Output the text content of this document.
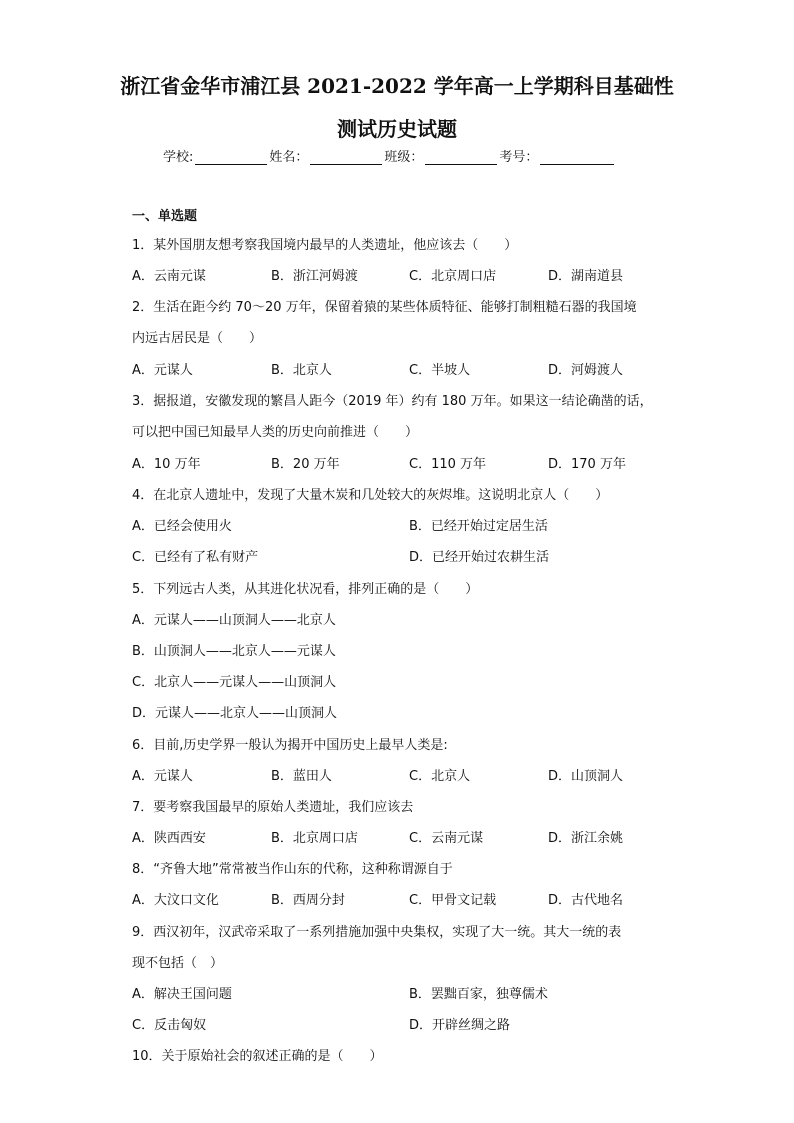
浙江省金华市浦江县 2021-2022 学年高一上学期科目基础性
测试历史试题
学校:	姓名：	班级：	考号：
一、单选题
1．某外国朋友想考察我国境内最早的人类遗址，他应该去（　　）
A．云南元谋	B．浙江河姆渡	C．北京周口店	D．湖南道县
2．生活在距今约 70～20 万年，保留着猿的某些体质特征、能够打制粗糙石器的我国境
内远古居民是（　　）
A．元谋人	B．北京人	C．半坡人	D．河姆渡人
3．据报道，安徽发现的繁昌人距今（2019 年）约有 180 万年。如果这一结论确凿的话，
可以把中国已知最早人类的历史向前推进（　　）
A．10 万年	B．20 万年	C．110 万年	D．170 万年
4．在北京人遗址中，发现了大量木炭和几处较大的灰烬堆。这说明北京人（　　）
A．已经会使用火	B．已经开始过定居生活
C．已经有了私有财产	D．已经开始过农耕生活
5．下列远古人类，从其进化状况看，排列正确的是（　　）
A．元谋人——山顶洞人——北京人
B．山顶洞人——北京人——元谋人
C．北京人——元谋人——山顶洞人
D．元谋人——北京人——山顶洞人
6．目前,历史学界一般认为揭开中国历史上最早人类是:
A．元谋人	B．蓝田人	C．北京人	D．山顶洞人
7．要考察我国最早的原始人类遗址，我们应该去
A．陕西西安	B．北京周口店	C．云南元谋	D．浙江余姚
8．“齐鲁大地”常常被当作山东的代称，这种称谓源自于
A．大汶口文化	B．西周分封	C．甲骨文记载	D．古代地名
9．西汉初年，汉武帝采取了一系列措施加强中央集权，实现了大一统。其大一统的表
现不包括（　）
A．解决王国问题	B．罢黜百家，独尊儒术
C．反击匈奴	D．开辟丝绸之路
10．关于原始社会的叙述正确的是（　　）
